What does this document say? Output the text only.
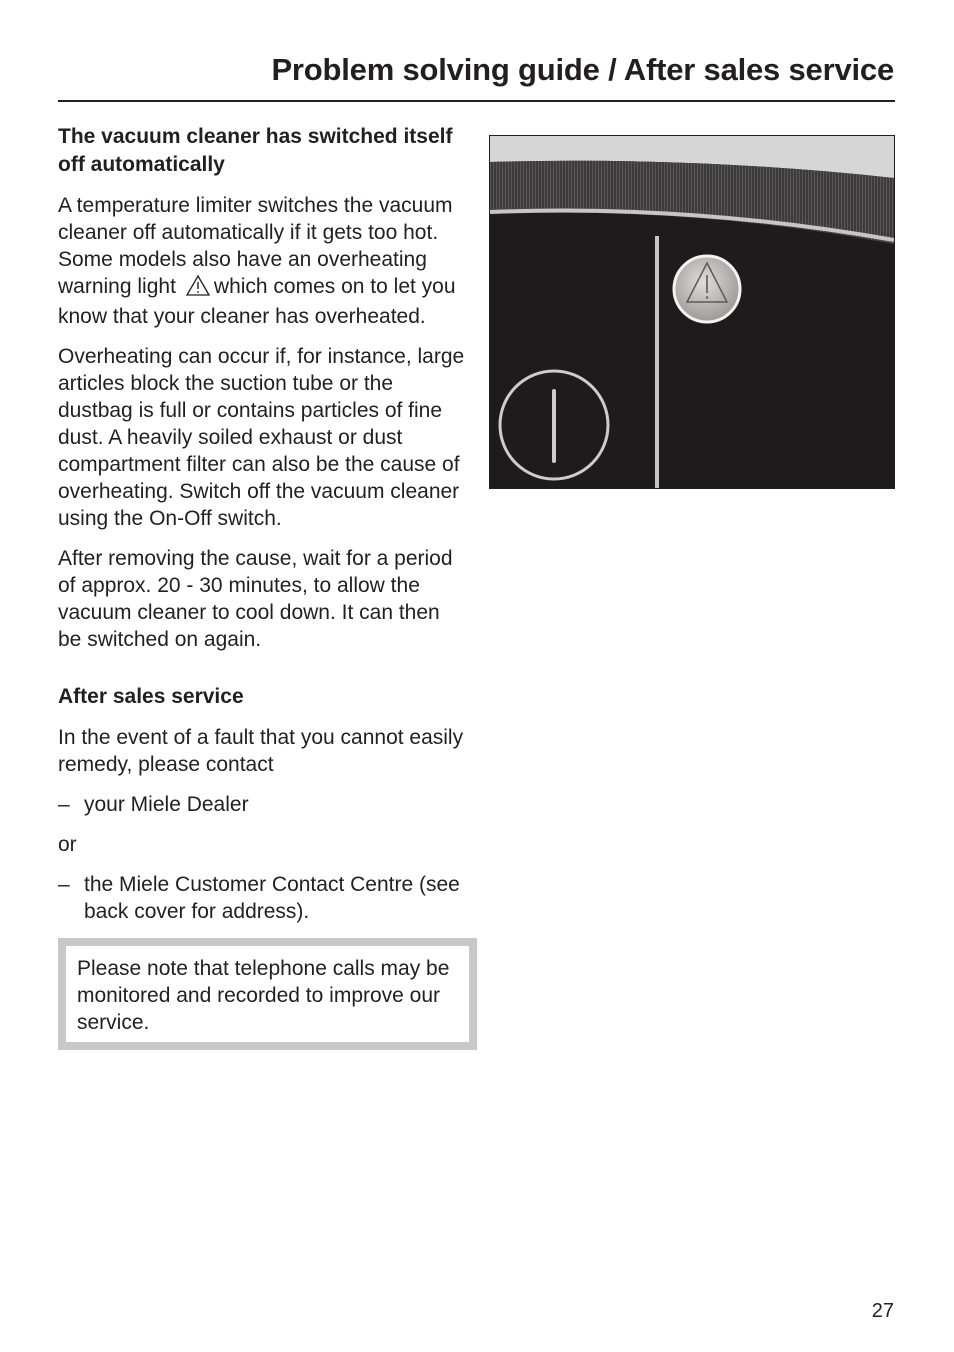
Problem solving guide / After sales service
The vacuum cleaner has switched itself off automatically

A temperature limiter switches the vacuum cleaner off automatically if it gets too hot. Some models also have an overheating warning light which comes on to let you know that your cleaner has overheated.

Overheating can occur if, for instance, large articles block the suction tube or the dustbag is full or contains particles of fine dust. A heavily soiled exhaust or dust compartment filter can also be the cause of overheating. Switch off the vacuum cleaner using the On-Off switch.

After removing the cause, wait for a period of approx. 20 - 30 minutes, to allow the vacuum cleaner to cool down. It can then be switched on again.

After sales service

In the event of a fault that you cannot easily remedy, please contact

– your Miele Dealer

or

– the Miele Customer Contact Centre (see back cover for address).

Please note that telephone calls may be monitored and recorded to improve our service.

27
